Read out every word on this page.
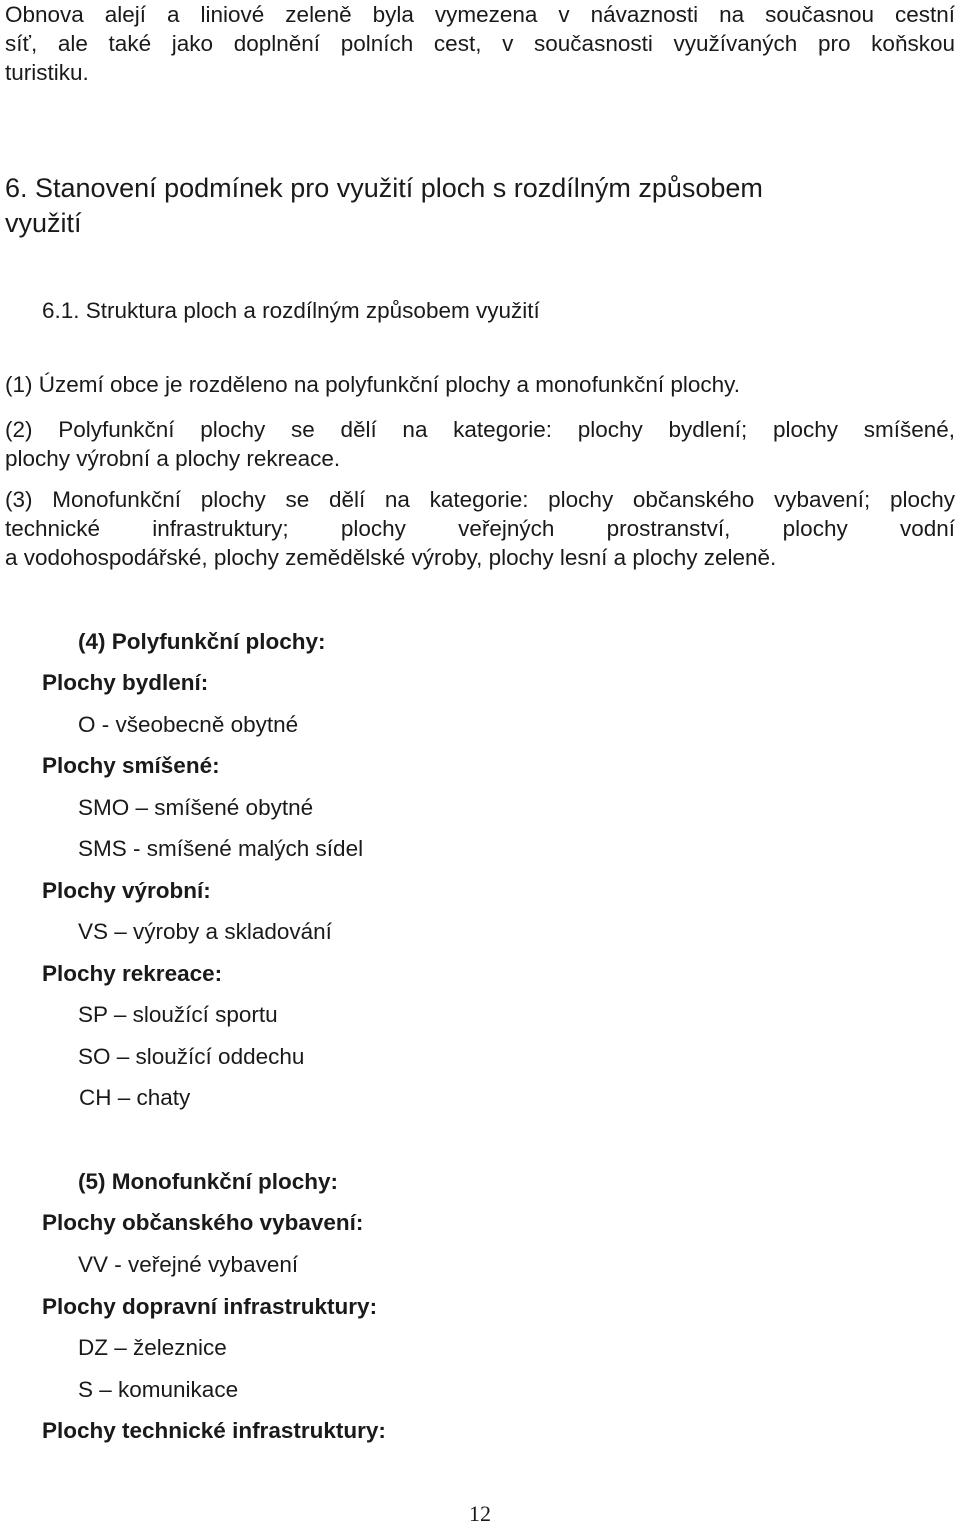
Obnova alejí a liniové zeleně byla vymezena v návaznosti na současnou cestní
síť, ale také jako doplnění polních cest, v současnosti využívaných pro koňskou
turistiku.
6. Stanovení podmínek pro využití ploch s rozdílným způsobem
využití
6.1. Struktura ploch a rozdílným způsobem využití
(1) Území obce je rozděleno na polyfunkční plochy a monofunkční plochy.
(2) Polyfunkční plochy se dělí na kategorie: plochy bydlení; plochy smíšené,
plochy výrobní a plochy rekreace.
(3) Monofunkční plochy se dělí na kategorie: plochy občanského vybavení; plochy
technické infrastruktury; plochy veřejných prostranství, plochy vodní
a vodohospodářské, plochy zemědělské výroby, plochy lesní a plochy zeleně.
(4) Polyfunkční plochy:
Plochy bydlení:
O - všeobecně obytné
Plochy smíšené:
SMO – smíšené obytné
SMS - smíšené malých sídel
Plochy výrobní:
VS – výroby a skladování
Plochy rekreace:
SP – sloužící sportu
SO – sloužící oddechu
CH – chaty
(5) Monofunkční plochy:
Plochy občanského vybavení:
VV - veřejné vybavení
Plochy dopravní infrastruktury:
DZ – železnice
S – komunikace
Plochy technické infrastruktury:
12
